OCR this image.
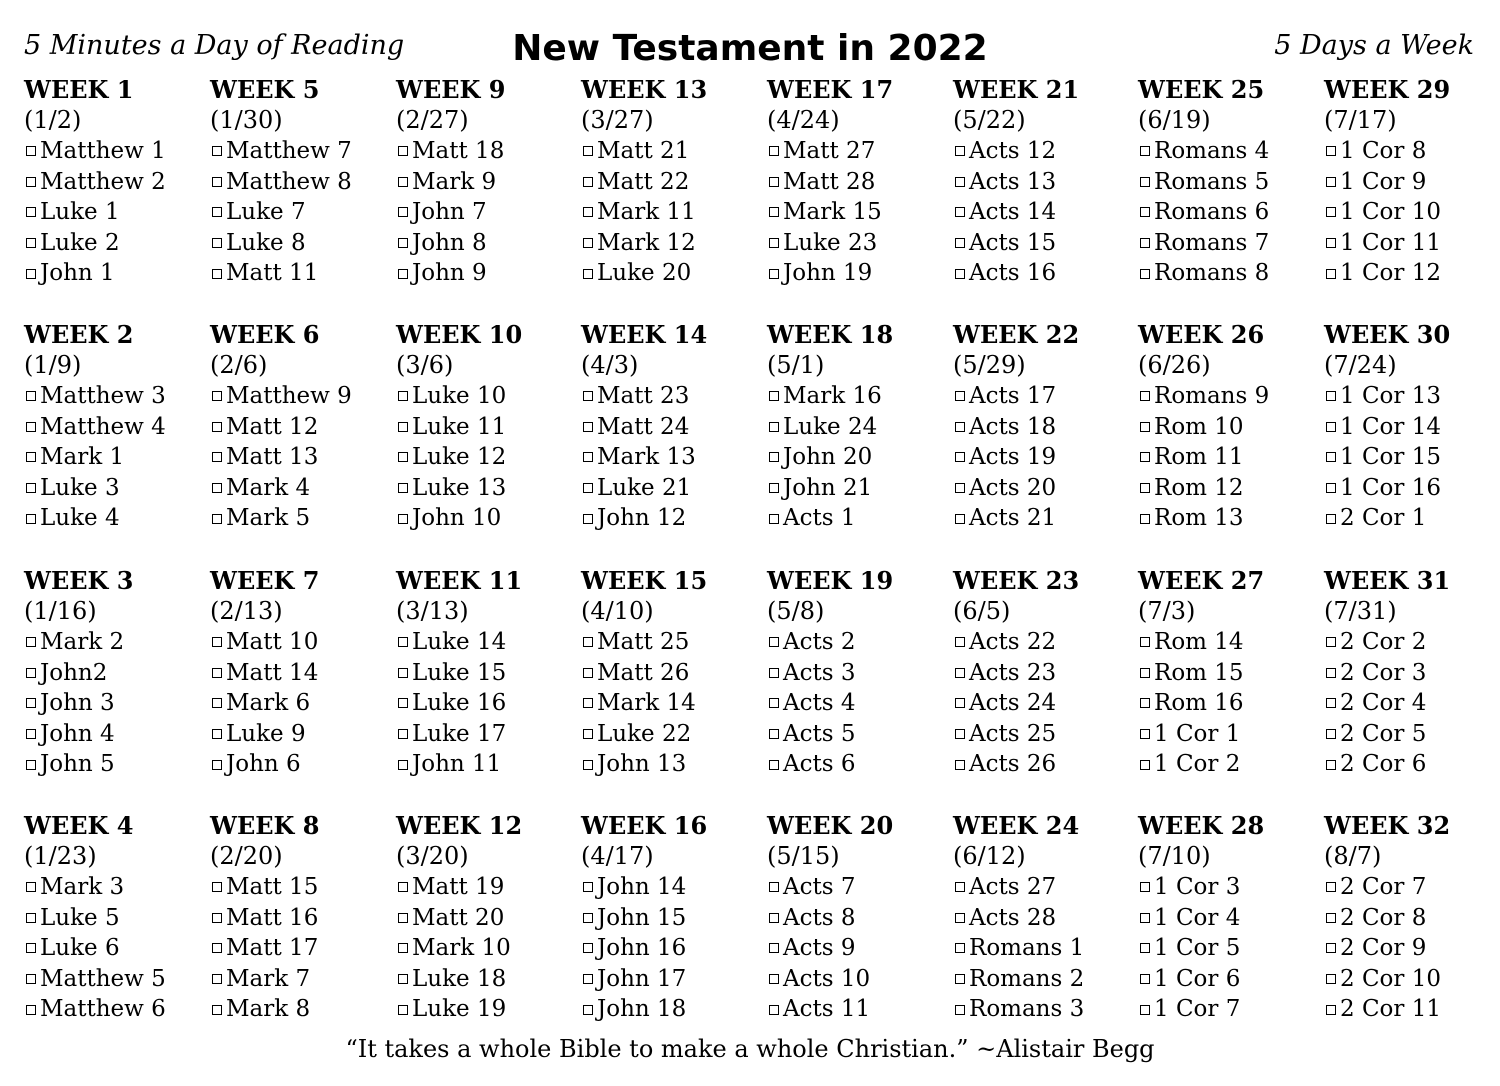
5 Minutes a Day of Reading	New Testament in 2022	5 Days a Week
WEEK 1
(1/2)
Matthew 1
Matthew 2
Luke 1
Luke 2
John 1
WEEK 2
(1/9)
Matthew 3
Matthew 4
Mark 1
Luke 3
Luke 4
WEEK 3
(1/16)
Mark 2
John2
John 3
John 4
John 5
WEEK 4
(1/23)
Mark 3
Luke 5
Luke 6
Matthew 5
Matthew 6
WEEK 5
(1/30)
Matthew 7
Matthew 8
Luke 7
Luke 8
Matt 11
WEEK 6
(2/6)
Matthew 9
Matt 12
Matt 13
Mark 4
Mark 5
WEEK 7
(2/13)
Matt 10
Matt 14
Mark 6
Luke 9
John 6
WEEK 8
(2/20)
Matt 15
Matt 16
Matt 17
Mark 7
Mark 8
WEEK 9
(2/27)
Matt 18
Mark 9
John 7
John 8
John 9
WEEK 10
(3/6)
Luke 10
Luke 11
Luke 12
Luke 13
John 10
WEEK 11
(3/13)
Luke 14
Luke 15
Luke 16
Luke 17
John 11
WEEK 12
(3/20)
Matt 19
Matt 20
Mark 10
Luke 18
Luke 19
WEEK 13
(3/27)
Matt 21
Matt 22
Mark 11
Mark 12
Luke 20
WEEK 14
(4/3)
Matt 23
Matt 24
Mark 13
Luke 21
John 12
WEEK 15
(4/10)
Matt 25
Matt 26
Mark 14
Luke 22
John 13
WEEK 16
(4/17)
John 14
John 15
John 16
John 17
John 18
WEEK 17
(4/24)
Matt 27
Matt 28
Mark 15
Luke 23
John 19
WEEK 18
(5/1)
Mark 16
Luke 24
John 20
John 21
Acts 1
WEEK 19
(5/8)
Acts 2
Acts 3
Acts 4
Acts 5
Acts 6
WEEK 20
(5/15)
Acts 7
Acts 8
Acts 9
Acts 10
Acts 11
WEEK 21
(5/22)
Acts 12
Acts 13
Acts 14
Acts 15
Acts 16
WEEK 22
(5/29)
Acts 17
Acts 18
Acts 19
Acts 20
Acts 21
WEEK 23
(6/5)
Acts 22
Acts 23
Acts 24
Acts 25
Acts 26
WEEK 24
(6/12)
Acts 27
Acts 28
Romans 1
Romans 2
Romans 3
WEEK 25
(6/19)
Romans 4
Romans 5
Romans 6
Romans 7
Romans 8
WEEK 26
(6/26)
Romans 9
Rom 10
Rom 11
Rom 12
Rom 13
WEEK 27
(7/3)
Rom 14
Rom 15
Rom 16
1 Cor 1
1 Cor 2
WEEK 28
(7/10)
1 Cor 3
1 Cor 4
1 Cor 5
1 Cor 6
1 Cor 7
WEEK 29
(7/17)
1 Cor 8
1 Cor 9
1 Cor 10
1 Cor 11
1 Cor 12
WEEK 30
(7/24)
1 Cor 13
1 Cor 14
1 Cor 15
1 Cor 16
2 Cor 1
WEEK 31
(7/31)
2 Cor 2
2 Cor 3
2 Cor 4
2 Cor 5
2 Cor 6
WEEK 32
(8/7)
2 Cor 7
2 Cor 8
2 Cor 9
2 Cor 10
2 Cor 11
“It takes a whole Bible to make a whole Christian.” ~Alistair Begg
